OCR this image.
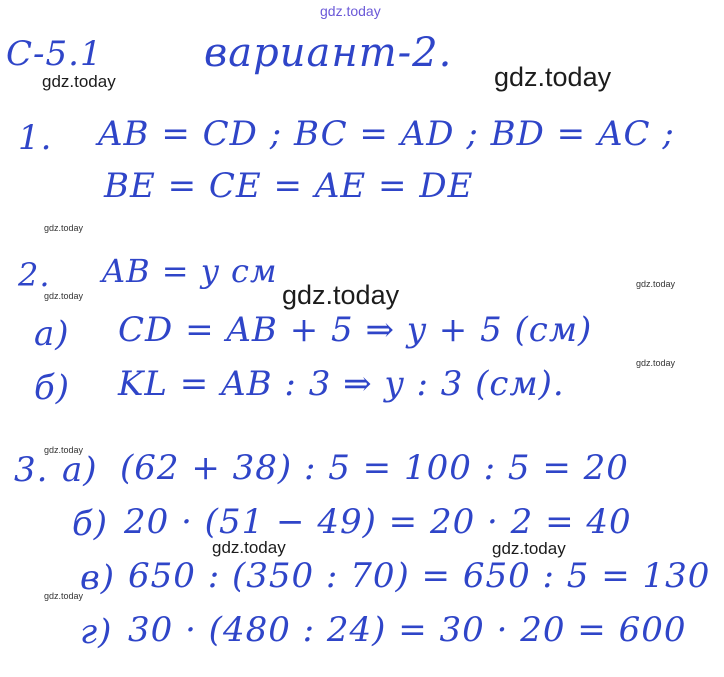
gdz.today
gdz.today	gdz.today
gdz.today
gdz.today
gdz.today	gdz.today
gdz.today
gdz.today
gdz.today	gdz.today
gdz.today
С-5.1	вариант-2.
1. AB = CD ; BC = AD ; BD = AC ;
BE = CE = AE = DE
2. AB = y см
а) CD = AB + 5 ⇒ y + 5 (см)
б) KL = AB : 3 ⇒ y : 3 (см).
3. а) (62 + 38) : 5 = 100 : 5 = 20
б) 20 · (51 − 49) = 20 · 2 = 40
в) 650 : (350 : 70) = 650 : 5 = 130
г) 30 · (480 : 24) = 30 · 20 = 600
